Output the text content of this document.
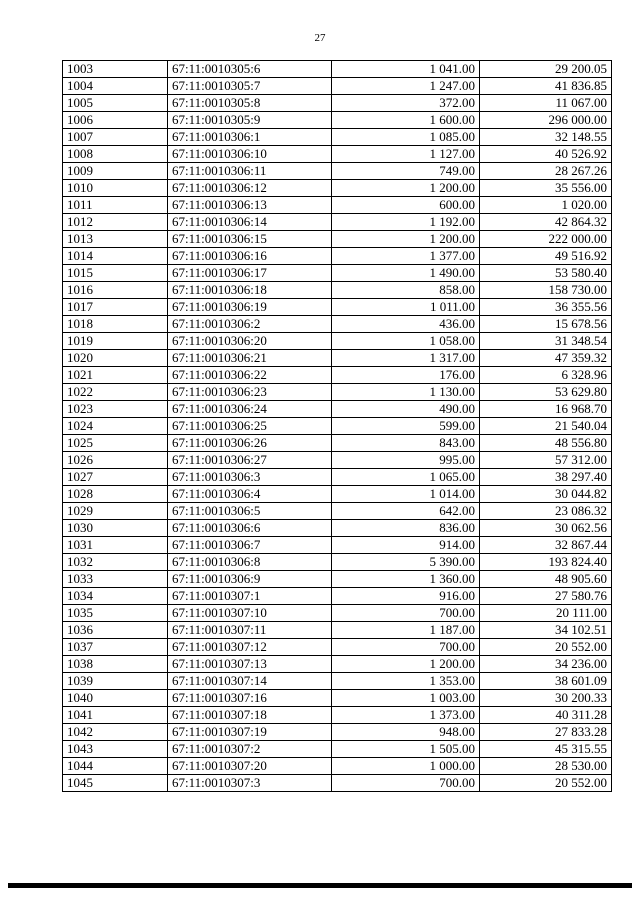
27
1003	67:11:0010305:6	1 041.00	29 200.05
1004	67:11:0010305:7	1 247.00	41 836.85
1005	67:11:0010305:8	372.00	11 067.00
1006	67:11:0010305:9	1 600.00	296 000.00
1007	67:11:0010306:1	1 085.00	32 148.55
1008	67:11:0010306:10	1 127.00	40 526.92
1009	67:11:0010306:11	749.00	28 267.26
1010	67:11:0010306:12	1 200.00	35 556.00
1011	67:11:0010306:13	600.00	1 020.00
1012	67:11:0010306:14	1 192.00	42 864.32
1013	67:11:0010306:15	1 200.00	222 000.00
1014	67:11:0010306:16	1 377.00	49 516.92
1015	67:11:0010306:17	1 490.00	53 580.40
1016	67:11:0010306:18	858.00	158 730.00
1017	67:11:0010306:19	1 011.00	36 355.56
1018	67:11:0010306:2	436.00	15 678.56
1019	67:11:0010306:20	1 058.00	31 348.54
1020	67:11:0010306:21	1 317.00	47 359.32
1021	67:11:0010306:22	176.00	6 328.96
1022	67:11:0010306:23	1 130.00	53 629.80
1023	67:11:0010306:24	490.00	16 968.70
1024	67:11:0010306:25	599.00	21 540.04
1025	67:11:0010306:26	843.00	48 556.80
1026	67:11:0010306:27	995.00	57 312.00
1027	67:11:0010306:3	1 065.00	38 297.40
1028	67:11:0010306:4	1 014.00	30 044.82
1029	67:11:0010306:5	642.00	23 086.32
1030	67:11:0010306:6	836.00	30 062.56
1031	67:11:0010306:7	914.00	32 867.44
1032	67:11:0010306:8	5 390.00	193 824.40
1033	67:11:0010306:9	1 360.00	48 905.60
1034	67:11:0010307:1	916.00	27 580.76
1035	67:11:0010307:10	700.00	20 111.00
1036	67:11:0010307:11	1 187.00	34 102.51
1037	67:11:0010307:12	700.00	20 552.00
1038	67:11:0010307:13	1 200.00	34 236.00
1039	67:11:0010307:14	1 353.00	38 601.09
1040	67:11:0010307:16	1 003.00	30 200.33
1041	67:11:0010307:18	1 373.00	40 311.28
1042	67:11:0010307:19	948.00	27 833.28
1043	67:11:0010307:2	1 505.00	45 315.55
1044	67:11:0010307:20	1 000.00	28 530.00
1045	67:11:0010307:3	700.00	20 552.00
